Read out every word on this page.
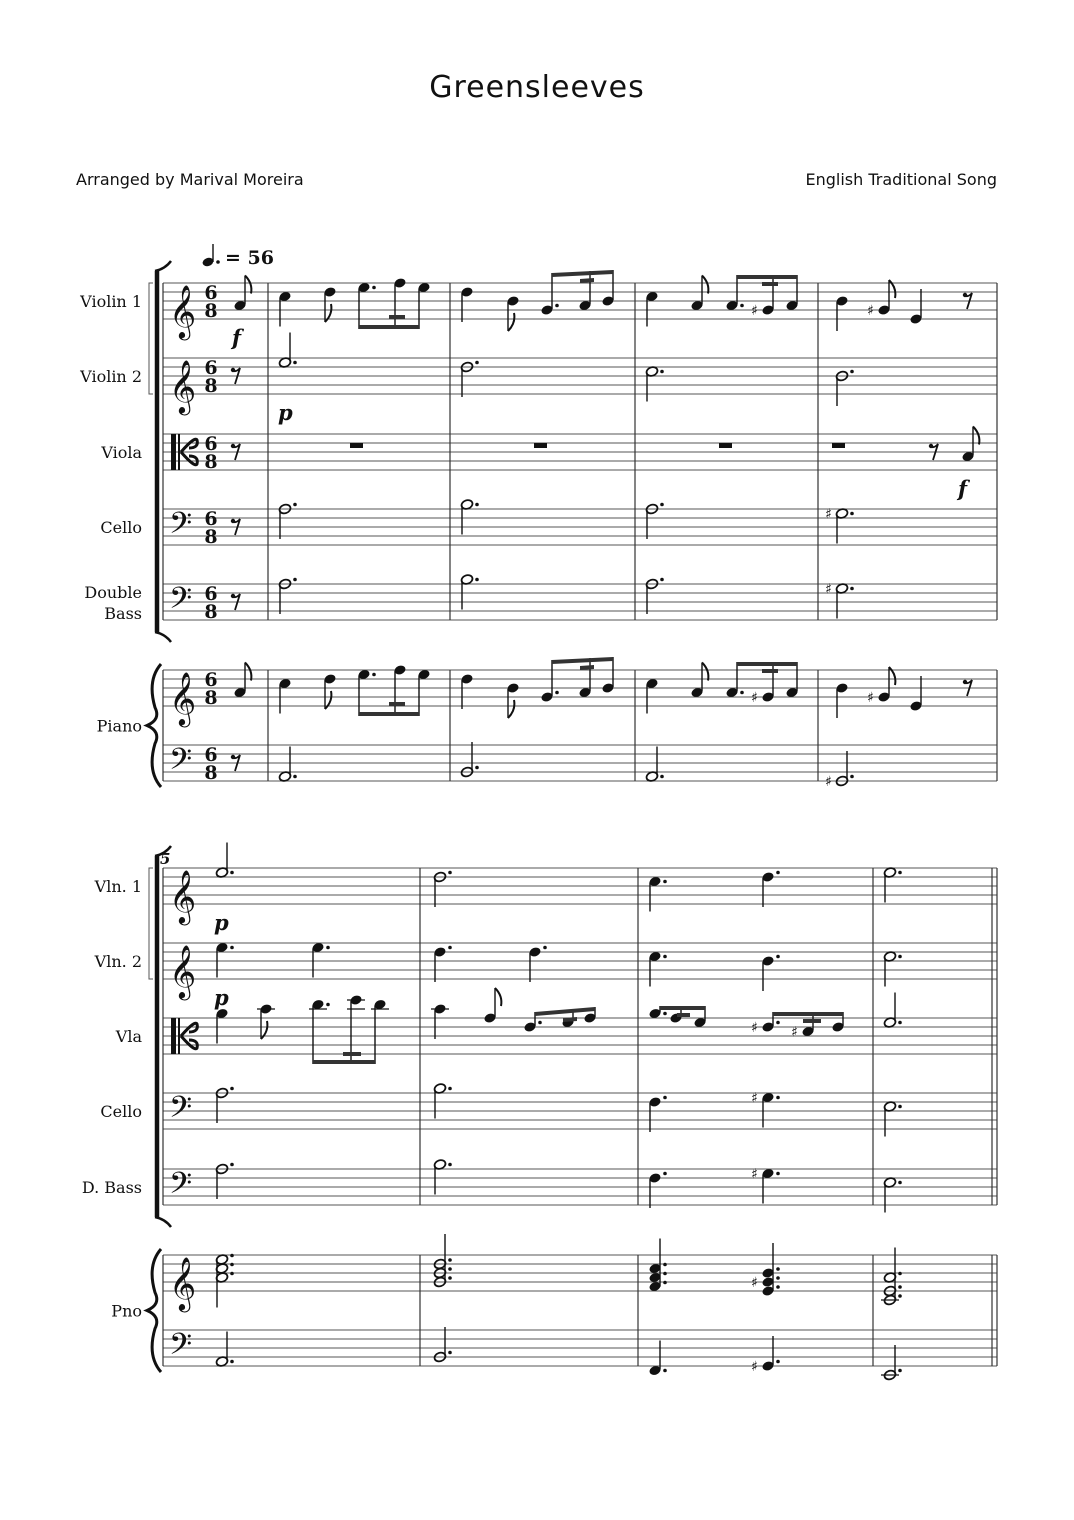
Greensleeves
Arranged by Marival Moreira	English Traditional Song
Violin 1
Violin 2
Viola
Cello
Double Bass
Piano
Vln. 1
Vln. 2
Vla
Cello
D. Bass
Pno
5
𝄞 6
8
𝄞 6
8
6
8
𝄢 6
8
𝄢 6
8
𝄞 6
8
𝄢 6
8
𝄞
𝄞
𝄢
𝄢
𝄞
𝄢
♯	♯
♯	♯
f
p
f
♯
♯
♯
p
p
♯ ♯
♯
♯
♯
♯
= 56
